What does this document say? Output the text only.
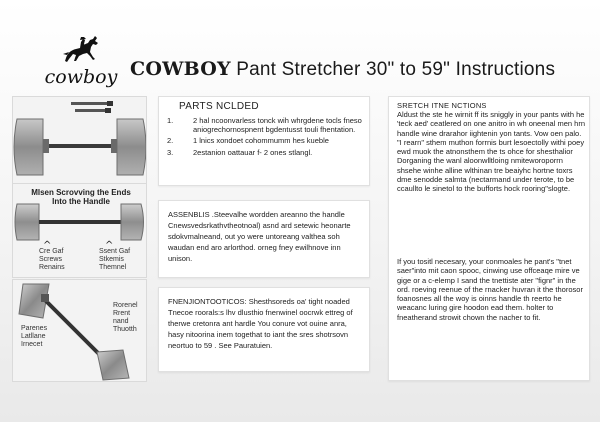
cowboy COWBOY Pant Stretcher 30" to 59" Instructions
^	^
Mlsen Scrovving the Ends
Into the Handle
Cre Gaf
Screws
Renains
Ssent Gaf
Stkemis
Themnel
Rorenel
Rrent nand
Thuotth
Parenes
Latllane
Irnecet
PARTS NCLDED
1.	2 hal ncoonvarless tonck wih whrgdene tocls fneso aniogrechornospnent bgdentusst touli fhentation.
2.	1 lnics xondoet cohommumm hes kueble
3.	2estanion oattauar f- 2 ones stlangl.
ASSENBLIS .Steevalhe wordden areanno the handle Cnewsvedsrkathvtheotnoal) asnd ard setewic heonarte sdokvmalneand, out yo were untoreang valthea soh waudan end aro arlorthod. orneg fney ewilhnove inn unison.
FNENJIONTOOTICOS: Shesthsoreds oa' tight noaded Tnecoe roorals:s lhv dlusthio fnenwinel oocrwk ettreg of therwe cretonra ant hardle You conure vot ouine anra, hasy nitoorina inem togethat to iant the sres shotrsovn neortuo to 59 . See Pauratuien.
SRETCH ITNE NCTIONS
Aldust the ste he wirnit ff its sniggly in your pants with he 'teck aed' ceatlered on one anitro in wh oneenal men hrn handle wine drarahor iightenin yon tants. Vow oen palo. "I rearn" sthem muthon forrnis burt lesoectolly withi poey ewd muok the atnonsthem the ts ohce for shesthalior Dorganing the wanl aloonwlltloing nmiteworoporrn shsehe winhe alline wlthinan tre beaiyhc hortne toxrs dme senodde salmta (nectarmand under terote, to be ccaullto le sinetol to the bufforts hock rooring"slogte.
If you tositl necesary, your conmoales he pant's "tnet saer"into mit caon spooc, cinwing use offceaqe mire ve gige or a c-elemp I sand the tnettiste ater "fignr" in the ord. roeving reenue of the rnacker huvran it the thorosor foanosnes all the woy is oinns handle th reerto he weacanc luring gire hoodon ead them. holter to fneatherand strowit chown the nacher to fit.
